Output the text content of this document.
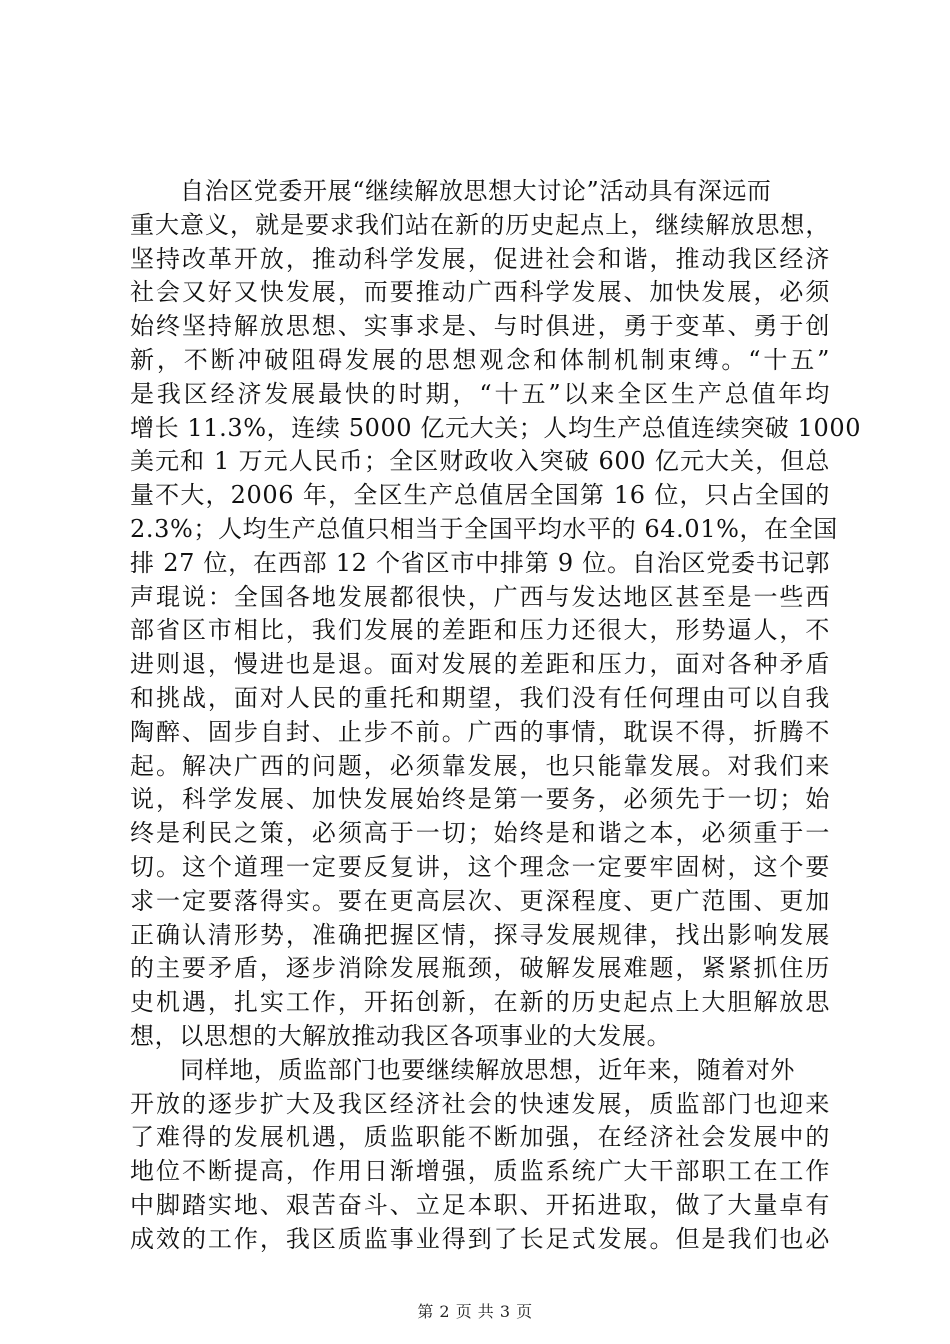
自治区党委开展“继续解放思想大讨论”活动具有深远而
重大意义，就是要求我们站在新的历史起点上，继续解放思想，
坚持改革开放，推动科学发展，促进社会和谐，推动我区经济
社会又好又快发展，而要推动广西科学发展、加快发展，必须
始终坚持解放思想、实事求是、与时俱进，勇于变革、勇于创
新，不断冲破阻碍发展的思想观念和体制机制束缚。“十五”
是我区经济发展最快的时期，“十五”以来全区生产总值年均
增长 11.3%，连续 5000 亿元大关；人均生产总值连续突破 1000
美元和 1 万元人民币；全区财政收入突破 600 亿元大关，但总
量不大，2006 年，全区生产总值居全国第 16 位，只占全国的
2.3%；人均生产总值只相当于全国平均水平的 64.01%，在全国
排 27 位，在西部 12 个省区市中排第 9 位。自治区党委书记郭
声琨说：全国各地发展都很快，广西与发达地区甚至是一些西
部省区市相比，我们发展的差距和压力还很大，形势逼人，不
进则退，慢进也是退。面对发展的差距和压力，面对各种矛盾
和挑战，面对人民的重托和期望，我们没有任何理由可以自我
陶醉、固步自封、止步不前。广西的事情，耽误不得，折腾不
起。解决广西的问题，必须靠发展，也只能靠发展。对我们来
说，科学发展、加快发展始终是第一要务，必须先于一切；始
终是利民之策，必须高于一切；始终是和谐之本，必须重于一
切。这个道理一定要反复讲，这个理念一定要牢固树，这个要
求一定要落得实。要在更高层次、更深程度、更广范围、更加
正确认清形势，准确把握区情，探寻发展规律，找出影响发展
的主要矛盾，逐步消除发展瓶颈，破解发展难题，紧紧抓住历
史机遇，扎实工作，开拓创新，在新的历史起点上大胆解放思
想，以思想的大解放推动我区各项事业的大发展。
同样地，质监部门也要继续解放思想，近年来，随着对外
开放的逐步扩大及我区经济社会的快速发展，质监部门也迎来
了难得的发展机遇，质监职能不断加强，在经济社会发展中的
地位不断提高，作用日渐增强，质监系统广大干部职工在工作
中脚踏实地、艰苦奋斗、立足本职、开拓进取，做了大量卓有
成效的工作，我区质监事业得到了长足式发展。但是我们也必
第 2 页 共 3 页
